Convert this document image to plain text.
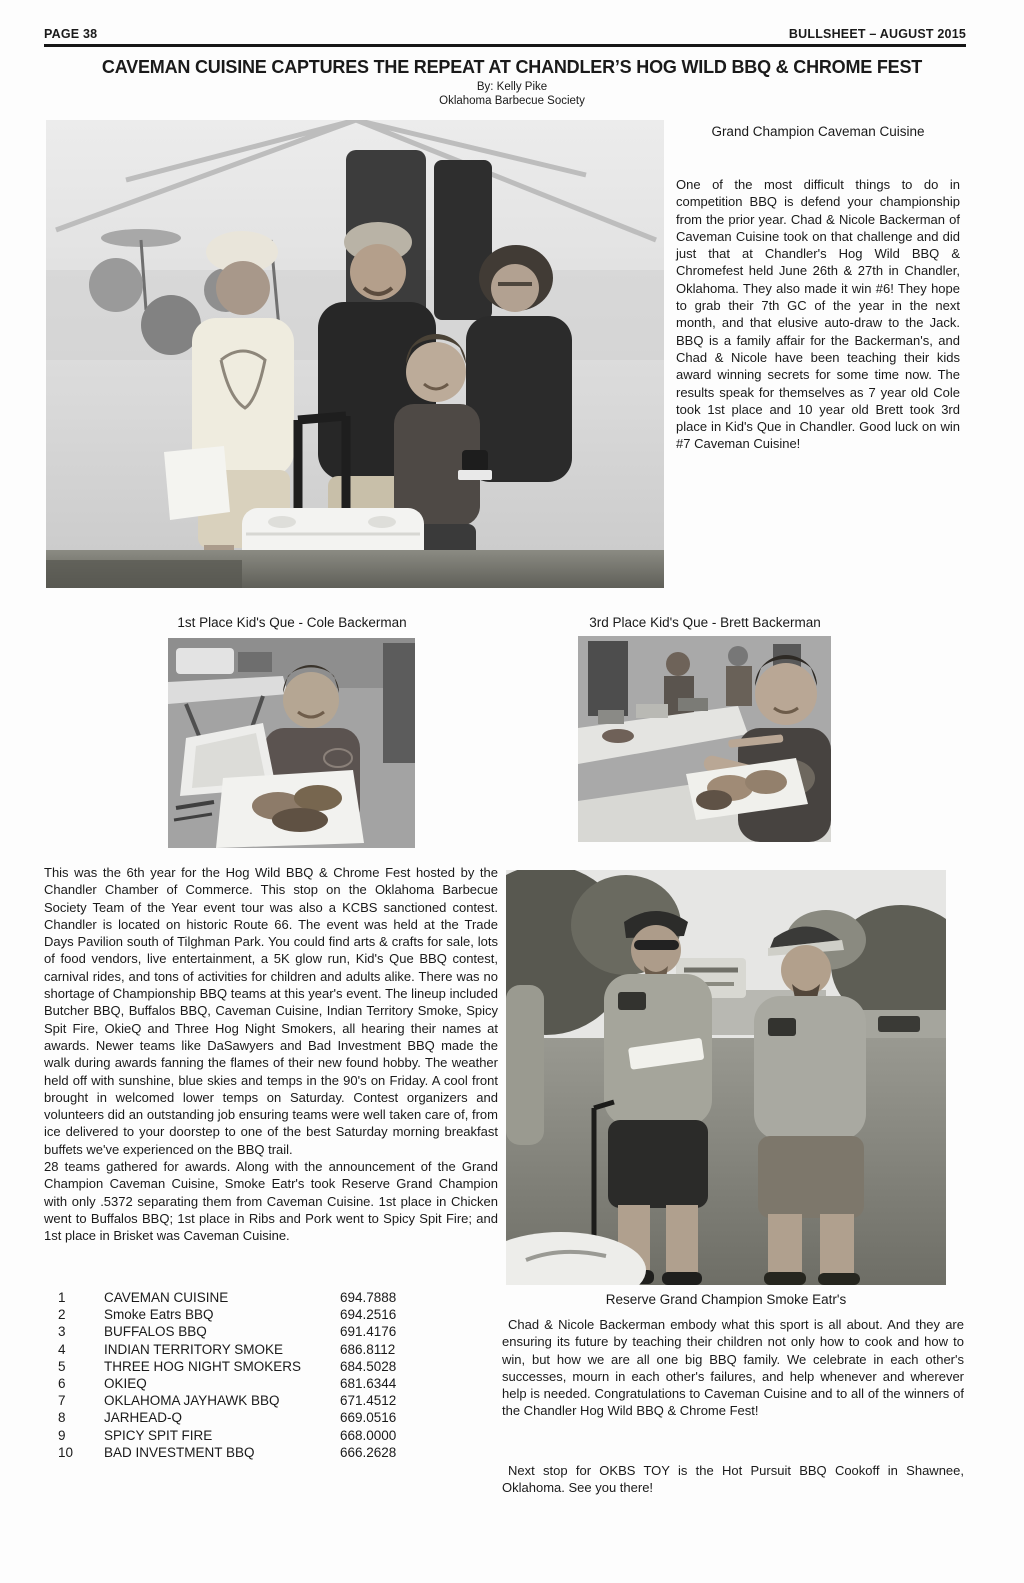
PAGE 38	BULLSHEET – AUGUST 2015
CAVEMAN CUISINE CAPTURES THE REPEAT AT CHANDLER’S HOG WILD BBQ & CHROME FEST
By: Kelly Pike
Oklahoma Barbecue Society
Grand Champion Caveman Cuisine

One of the most difficult things to do in competition BBQ is defend your championship from the prior year. Chad & Nicole Backerman of Caveman Cuisine took on that challenge and did just that at Chandler's Hog Wild BBQ & Chromefest held June 26th & 27th in Chandler, Oklahoma. They also made it win #6! They hope to grab their 7th GC of the year in the next month, and that elusive auto-draw to the Jack. BBQ is a family affair for the Backerman's, and Chad & Nicole have been teaching their kids award winning secrets for some time now. The results speak for themselves as 7 year old Cole took 1st place and 10 year old Brett took 3rd place in Kid's Que in Chandler. Good luck on win #7 Caveman Cuisine!

1st Place Kid's Que - Cole Backerman	3rd Place Kid's Que - Brett Backerman

This was the 6th year for the Hog Wild BBQ & Chrome Fest hosted by the Chandler Chamber of Commerce. This stop on the Oklahoma Barbecue Society Team of the Year event tour was also a KCBS sanctioned contest. Chandler is located on historic Route 66. The event was held at the Trade Days Pavilion south of Tilghman Park. You could find arts & crafts for sale, lots of food vendors, live entertainment, a 5K glow run, Kid's Que BBQ contest, carnival rides, and tons of activities for children and adults alike. There was no shortage of Championship BBQ teams at this year's event. The lineup included Butcher BBQ, Buffalos BBQ, Caveman Cuisine, Indian Territory Smoke, Spicy Spit Fire, OkieQ and Three Hog Night Smokers, all hearing their names at awards. Newer teams like DaSawyers and Bad Investment BBQ made the walk during awards fanning the flames of their new found hobby. The weather held off with sunshine, blue skies and temps in the 90's on Friday. A cool front brought in welcomed lower temps on Saturday. Contest organizers and volunteers did an outstanding job ensuring teams were well taken care of, from ice delivered to your doorstep to one of the best Saturday morning breakfast buffets we've experienced on the BBQ trail.

28 teams gathered for awards. Along with the announcement of the Grand Champion Caveman Cuisine, Smoke Eatr's took Reserve Grand Champion with only .5372 separating them from Caveman Cuisine. 1st place in Chicken went to Buffalos BBQ; 1st place in Ribs and Pork went to Spicy Spit Fire; and 1st place in Brisket was Caveman Cuisine.

1	CAVEMAN CUISINE	694.7888
2	Smoke Eatrs BBQ	694.2516
3	BUFFALOS BBQ	691.4176
4	INDIAN TERRITORY SMOKE	686.8112
5	THREE HOG NIGHT SMOKERS	684.5028
6	OKIEQ	681.6344
7	OKLAHOMA JAYHAWK BBQ	671.4512
8	JARHEAD-Q	669.0516
9	SPICY SPIT FIRE	668.0000
10	BAD INVESTMENT BBQ	666.2628
Reserve Grand Champion Smoke Eatr's

Chad & Nicole Backerman embody what this sport is all about. And they are ensuring its future by teaching their children not only how to cook and how to win, but how we are all one big BBQ family. We celebrate in each other's successes, mourn in each other's failures, and help whenever and wherever help is needed. Congratulations to Caveman Cuisine and to all of the winners of the Chandler Hog Wild BBQ & Chrome Fest!

Next stop for OKBS TOY is the Hot Pursuit BBQ Cookoff in Shawnee, Oklahoma. See you there!
